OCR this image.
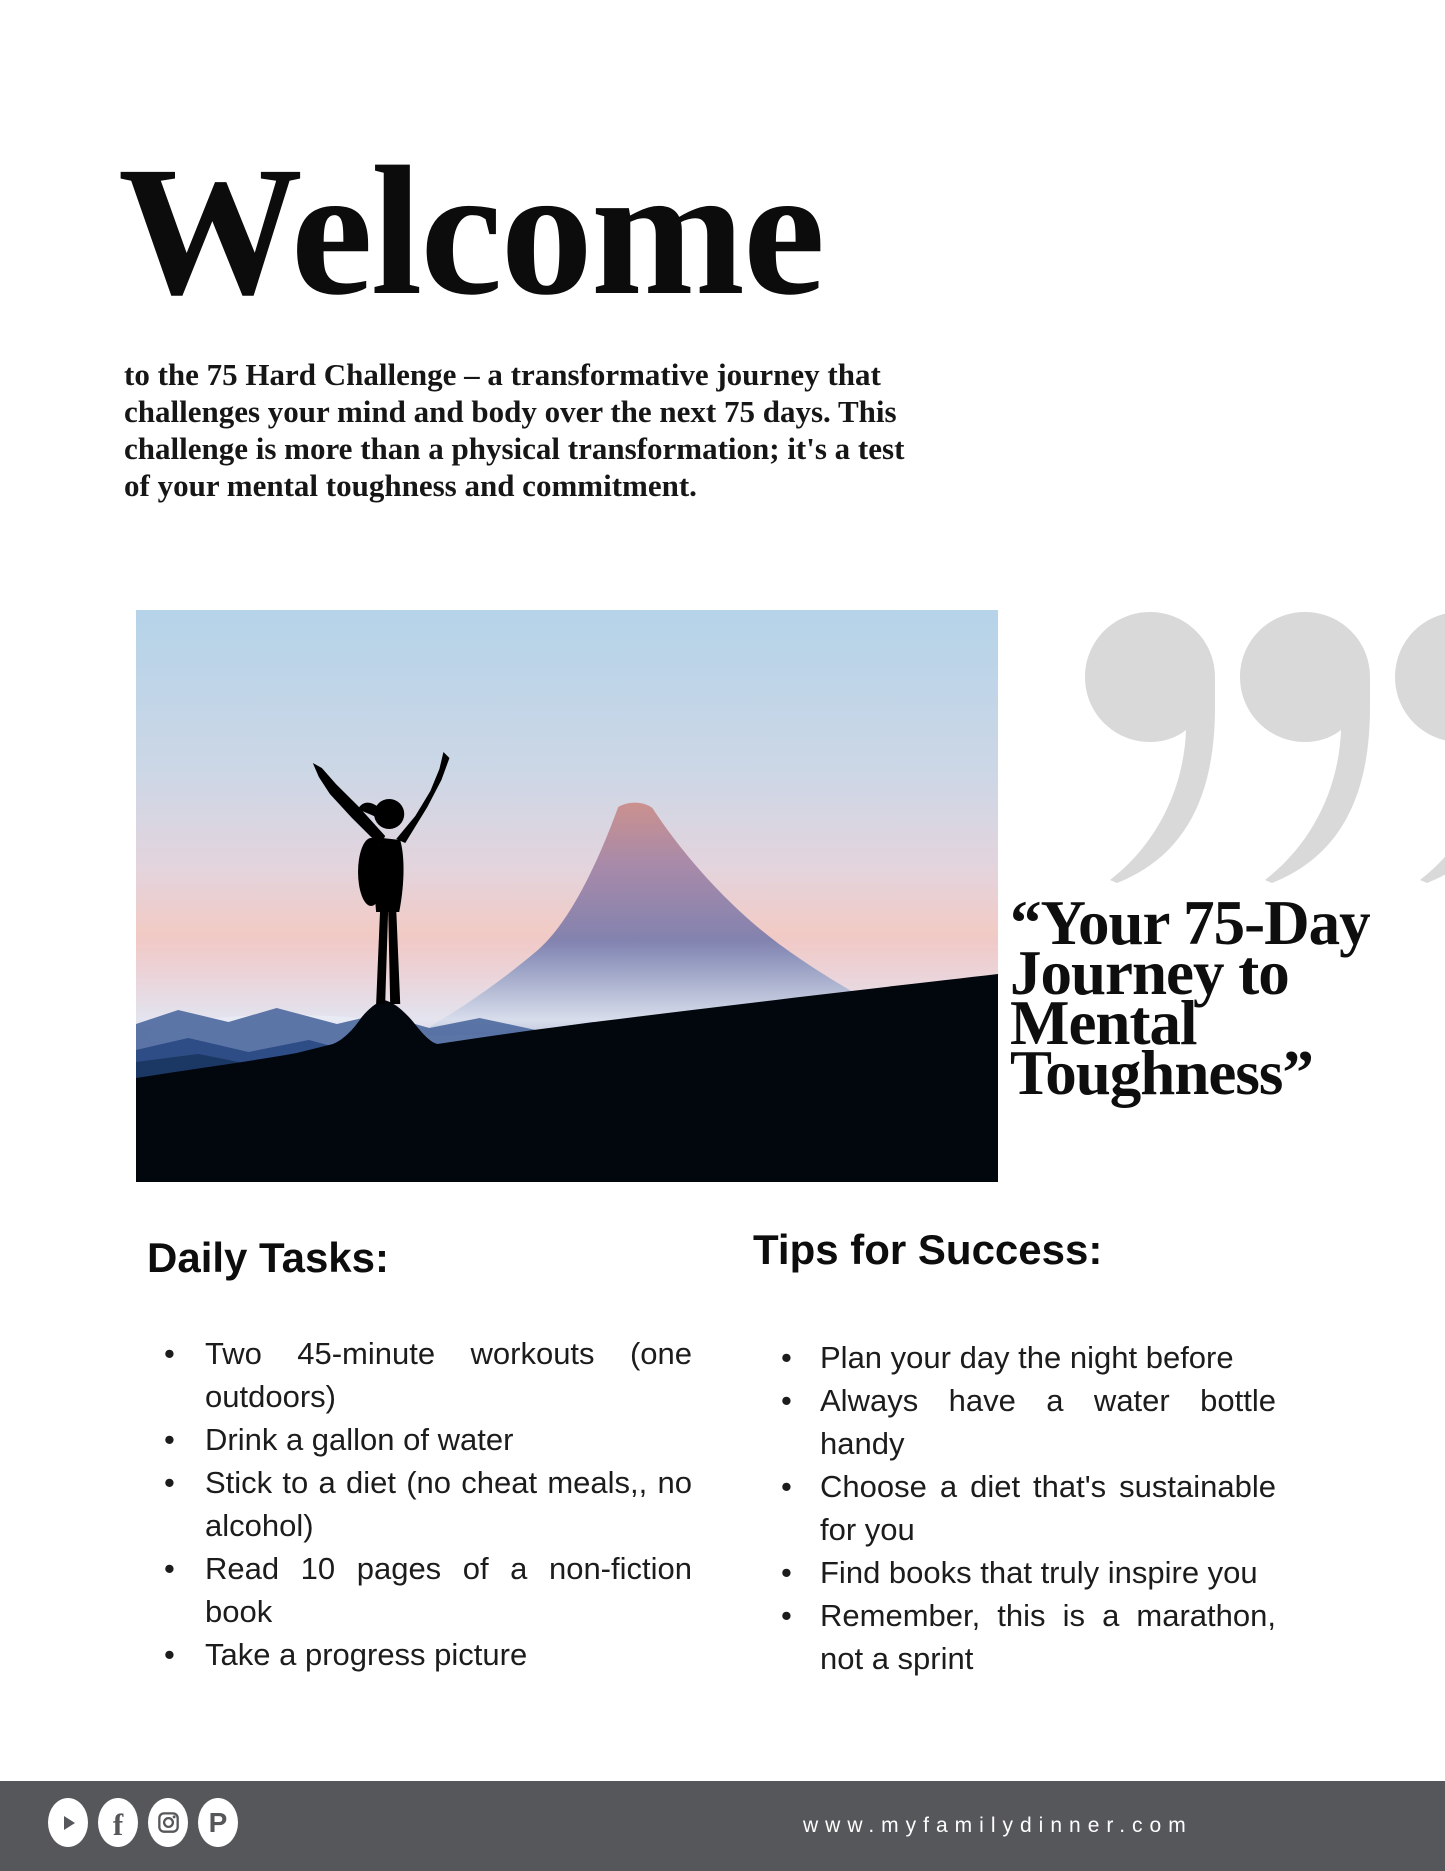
Welcome
to the 75 Hard Challenge – a transformative journey that challenges your mind and body over the next 75 days. This challenge is more than a physical transformation; it's a test of your mental toughness and commitment.
“Your 75-Day
Journey to
Mental
Toughness”
Daily Tasks:
• Two 45-minute workouts (one outdoors)
• Drink a gallon of water
• Stick to a diet (no cheat meals,, no alcohol)
• Read 10 pages of a non-fiction book
• Take a progress picture
Tips for Success:
• Plan your day the night before
• Always have a water bottle handy
• Choose a diet that's sustainable for you
• Find books that truly inspire you
• Remember, this is a marathon, not a sprint
f	P	www.myfamilydinner.com
